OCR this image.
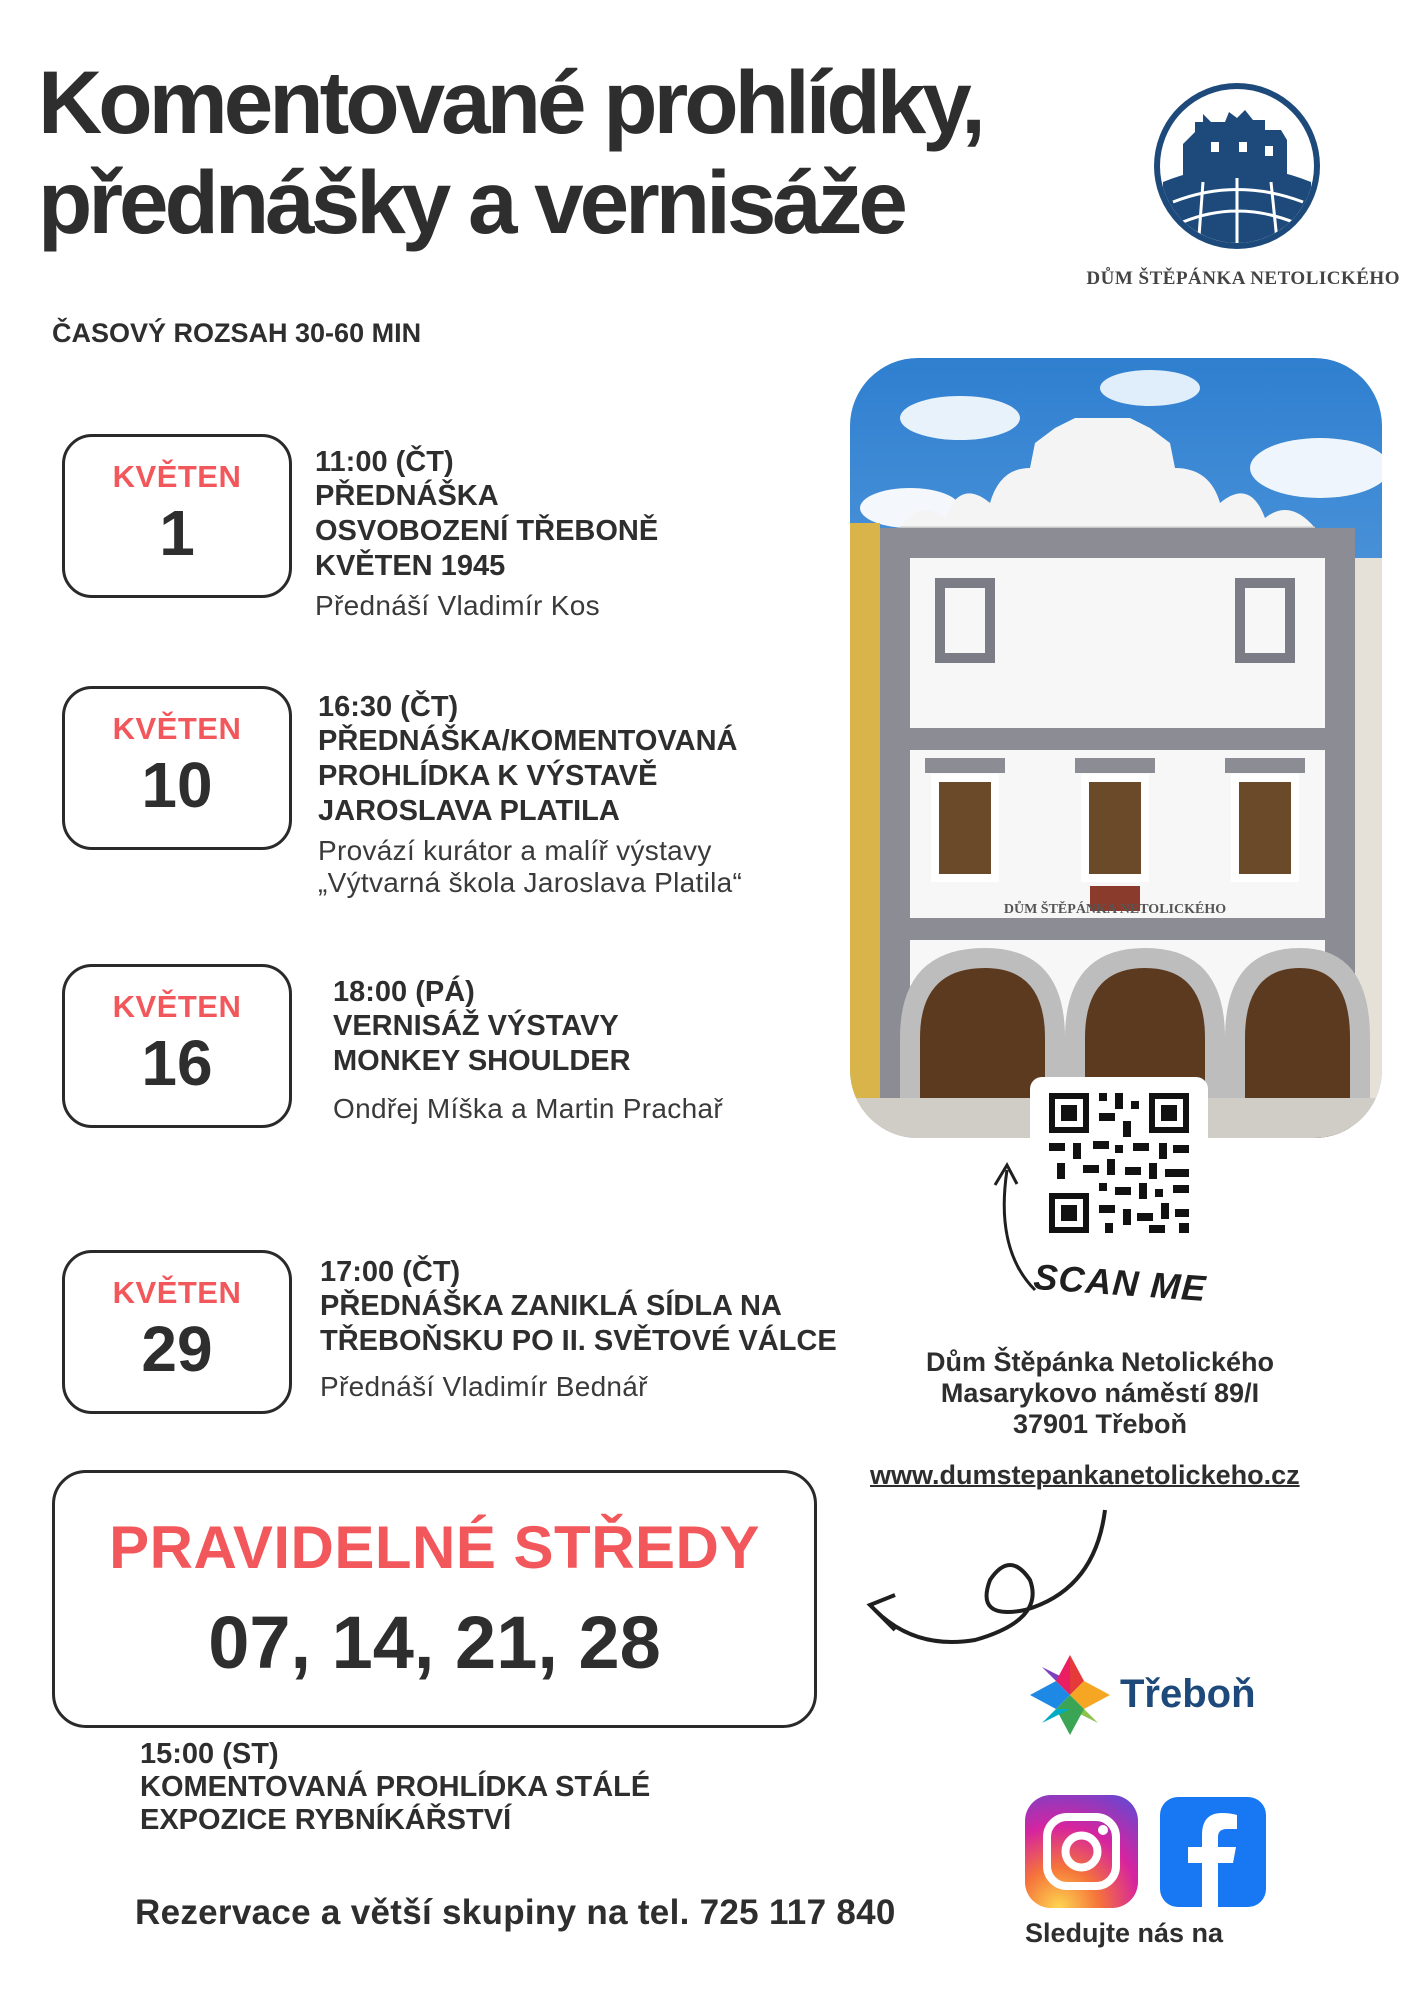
Komentované prohlídky,
přednášky a vernisáže
DŮM ŠTĚPÁNKA NETOLICKÉHO
ČASOVÝ ROZSAH 30-60 MIN
KVĚTEN
1
11:00 (ČT)
PŘEDNÁŠKA
OSVOBOZENÍ TŘEBONĚ
KVĚTEN 1945
Přednáší Vladimír Kos
KVĚTEN
10
16:30 (ČT)
PŘEDNÁŠKA/KOMENTOVANÁ
PROHLÍDKA K VÝSTAVĚ
JAROSLAVA PLATILA
Provází kurátor a malíř výstavy
„Výtvarná škola Jaroslava Platila“
KVĚTEN
16
18:00 (PÁ)
VERNISÁŽ VÝSTAVY
MONKEY SHOULDER
Ondřej Míška a Martin Prachař
KVĚTEN
29
17:00 (ČT)
PŘEDNÁŠKA ZANIKLÁ SÍDLA NA
TŘEBOŇSKU PO II. SVĚTOVÉ VÁLCE
Přednáší Vladimír Bednář
DŮM ŠTĚPÁNKA NETOLICKÉHO
SCAN ME
Dům Štěpánka Netolického
Masarykovo náměstí 89/I
37901 Třeboň
www.dumstepankanetolickeho.cz
PRAVIDELNÉ STŘEDY
07, 14, 21, 28
15:00 (ST)
KOMENTOVANÁ PROHLÍDKA STÁLÉ
EXPOZICE RYBNÍKÁŘSTVÍ
Třeboň
Rezervace a větší skupiny na tel. 725 117 840
Sledujte nás na
